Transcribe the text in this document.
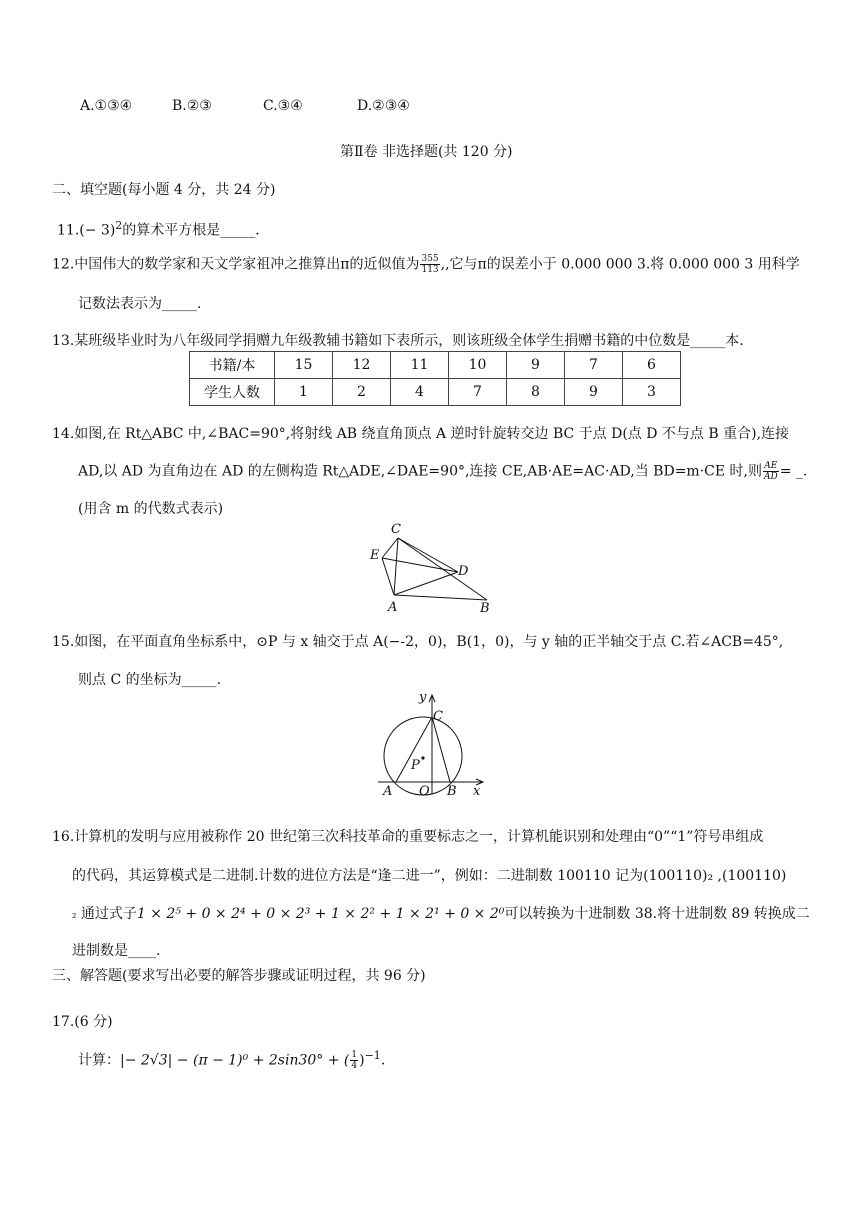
A.①③④	B.②③	C.③④	D.②③④
第Ⅱ卷 非选择题(共 120 分)
二、填空题(每小题 4 分，共 24 分)
$11.(- 3)^2$的算术平方根是_____.
12.中国伟大的数学家和天文学家祖冲之推算出π的近似值为 $\frac{355}{113}$ ,,它与π的误差小于 0.000 000 3.将 0.000 000 3 用科学
记数法表示为_____.
13.某班级毕业时为八年级同学捐赠九年级教辅书籍如下表所示，则该班级全体学生捐赠书籍的中位数是_____本.
书籍/本	15	12	11	10	9	7	6
学生人数	1	2	4	7	8	9	3
14.如图,在 Rt△ABC 中,∠BAC=90°,将射线 AB 绕直角顶点 A 逆时针旋转交边 BC 于点 D(点 D 不与点 B 重合),连接
AD,以 AD 为直角边在 AD 的左侧构造 Rt△ADE,∠DAE=90°,连接 CE,AB·AE=AC·AD,当 BD=m·CE 时,则 $\frac{AE}{AD}$ = _.
(用含 m 的代数式表示)
C
E
D
A	B
15.如图，在平面直角坐标系中，⊙P 与 x 轴交于点 A(−-2，0)，B(1，0)，与 y 轴的正半轴交于点 C.若∠ACB=45°,
则点 C 的坐标为_____.
y
C
P
A O B x
16.计算机的发明与应用被称作 20 世纪第三次科技革命的重要标志之一，计算机能识别和处理由“0”“1”符号串组成
的代码，其运算模式是二进制.计数的进位方法是“逢二进一”，例如：二进制数 100110 记为(100110)₂ ,(100110)
₂ 通过式子1 × 2⁵ + 0 × 2⁴ + 0 × 2³ + 1 × 2² + 1 × 2¹ + 0 × 2⁰可以转换为十进制数 38.将十进制数 89 转换成二
进制数是____.
三、解答题(要求写出必要的解答步骤或证明过程，共 96 分)
17.(6 分)
计算：|− 2√3| − (π − 1)⁰ + 2sin30° + ( $\frac{1}{4} )^{-1}$.
